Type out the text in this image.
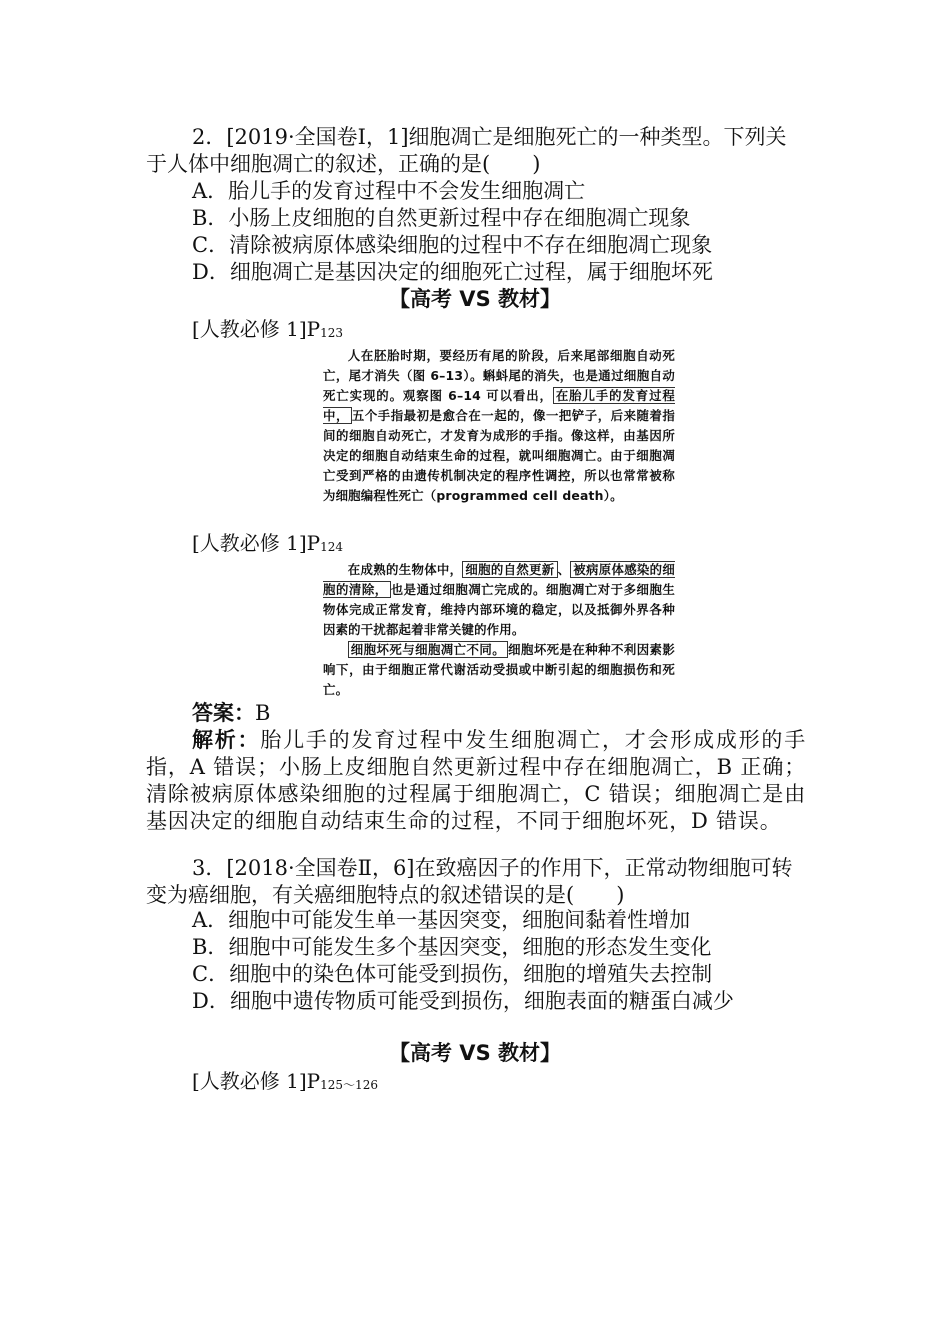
2．[2019·全国卷Ⅰ，1]细胞凋亡是细胞死亡的一种类型。下列关于人体中细胞凋亡的叙述，正确的是(　　)
A．胎儿手的发育过程中不会发生细胞凋亡
B．小肠上皮细胞的自然更新过程中存在细胞凋亡现象
C．清除被病原体感染细胞的过程中不存在细胞凋亡现象
D．细胞凋亡是基因决定的细胞死亡过程，属于细胞坏死
【高考 VS 教材】
[人教必修 $1]P_{123}$

人在胚胎时期，要经历有尾的阶段，后来尾部细胞自动死亡，尾才消失（图 6–13）。蝌蚪尾的消失，也是通过细胞自动死亡实现的。观察图 6–14 可以看出， 在胎儿手的发育过程中， 五个手指最初是愈合在一起的，像一把铲子，后来随着指间的细胞自动死亡，才发育为成形的手指。像这样，由基因所决定的细胞自动结束生命的过程，就叫细胞凋亡。由于细胞凋亡受到严格的由遗传机制决定的程序性调控，所以也常常被称为细胞编程性死亡（programmed cell death）。

[人教必修 $1]P_{124}$

在成熟的生物体中， 细胞的自然更新 、 被病原体感染的细胞的清除， 也是通过细胞凋亡完成的。细胞凋亡对于多细胞生物体完成正常发育，维持内部环境的稳定，以及抵御外界各种因素的干扰都起着非常关键的作用。

细胞坏死与细胞凋亡不同。 细胞坏死是在种种不利因素影响下，由于细胞正常代谢活动受损或中断引起的细胞损伤和死亡。

答案：B
解析：胎儿手的发育过程中发生细胞凋亡，才会形成成形的手指，A 错误；小肠上皮细胞自然更新过程中存在细胞凋亡，B 正确；清除被病原体感染细胞的过程属于细胞凋亡，C 错误；细胞凋亡是由基因决定的细胞自动结束生命的过程，不同于细胞坏死，D 错误。
3．[2018·全国卷Ⅱ，6]在致癌因子的作用下，正常动物细胞可转变为癌细胞，有关癌细胞特点的叙述错误的是(　　)
A．细胞中可能发生单一基因突变，细胞间黏着性增加
B．细胞中可能发生多个基因突变，细胞的形态发生变化
C．细胞中的染色体可能受到损伤，细胞的增殖失去控制
D．细胞中遗传物质可能受到损伤，细胞表面的糖蛋白减少
【高考 VS 教材】
[人教必修 $1]P_{125\sim 126}$
